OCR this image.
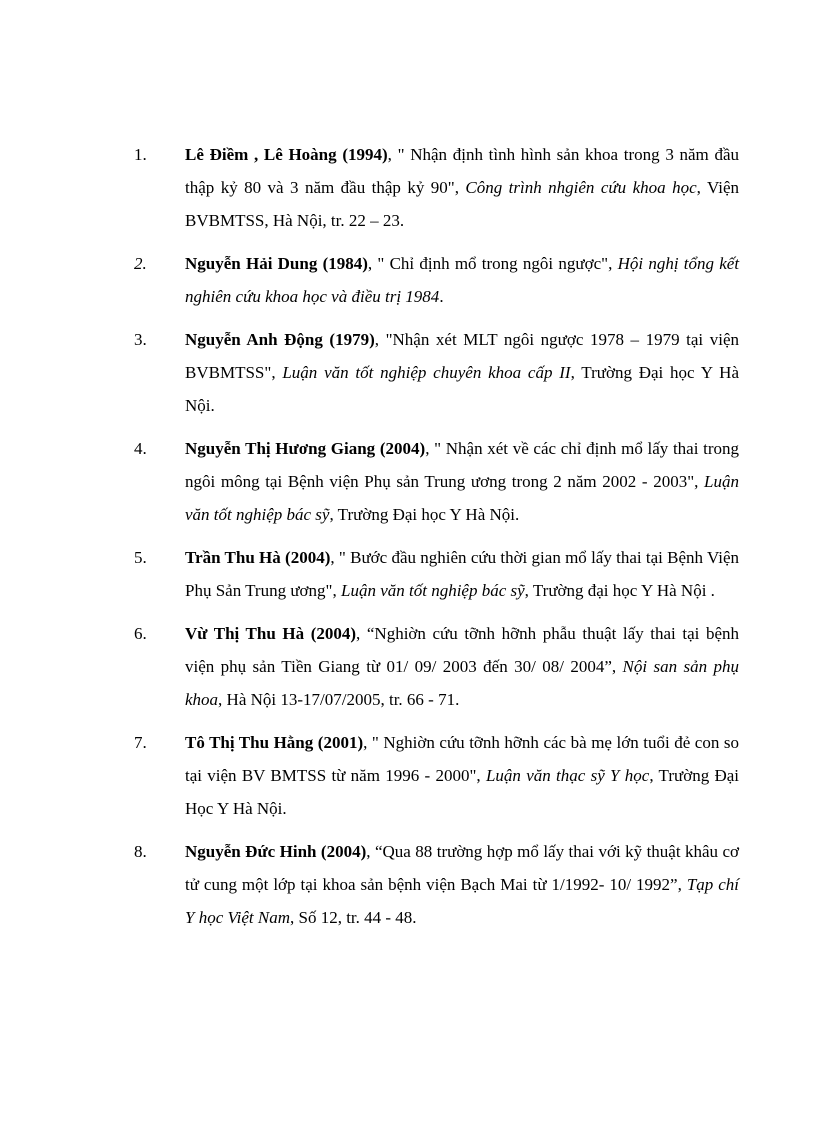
1.	Lê Điềm , Lê Hoàng (1994), " Nhận định tình hình sản khoa trong 3 năm đầu thập kỷ 80 và 3 năm đầu thập kỷ 90", Công trình nhgiên cứu khoa học, Viện BVBMTSS, Hà Nội, tr. 22 – 23.
2.	Nguyễn Hải Dung (1984), " Chỉ định mổ trong ngôi ngược", Hội nghị tổng kết nghiên cứu khoa học và điều trị 1984.
3.	Nguyễn Anh Động (1979), "Nhận xét MLT ngôi ngược 1978 – 1979 tại viện BVBMTSS", Luận văn tốt nghiệp chuyên khoa cấp II, Trường Đại học Y Hà Nội.
4.	Nguyễn Thị Hương Giang (2004), " Nhận xét về các chỉ định mổ lấy thai trong ngôi mông tại Bệnh viện Phụ sản Trung ương trong 2 năm 2002 - 2003", Luận văn tốt nghiệp bác sỹ, Trường Đại học Y Hà Nội.
5.	Trần Thu Hà (2004), " Bước đầu nghiên cứu thời gian mổ lấy thai tại Bệnh Viện Phụ Sản Trung ương", Luận văn tốt nghiệp bác sỹ, Trường đại học Y Hà Nội .
6.	Vừ Thị Thu Hà (2004), “Nghiờn cứu tỡnh hỡnh phẫu thuật lấy thai tại bệnh viện phụ sản Tiền Giang từ 01/ 09/ 2003 đến 30/ 08/ 2004”, Nội san sản phụ khoa, Hà Nội 13-17/07/2005, tr. 66 - 71.
7.	Tô Thị Thu Hằng (2001), " Nghiờn cứu tỡnh hỡnh các bà mẹ lớn tuổi đẻ con so tại viện BV BMTSS từ năm 1996 - 2000", Luận văn thạc sỹ Y học, Trường Đại Học Y Hà Nội.
8.	Nguyễn Đức Hinh (2004), “Qua 88 trường hợp mổ lấy thai với kỹ thuật khâu cơ tử cung một lớp tại khoa sản bệnh viện Bạch Mai từ 1/1992- 10/ 1992”, Tạp chí Y học Việt Nam, Số 12, tr. 44 - 48.
